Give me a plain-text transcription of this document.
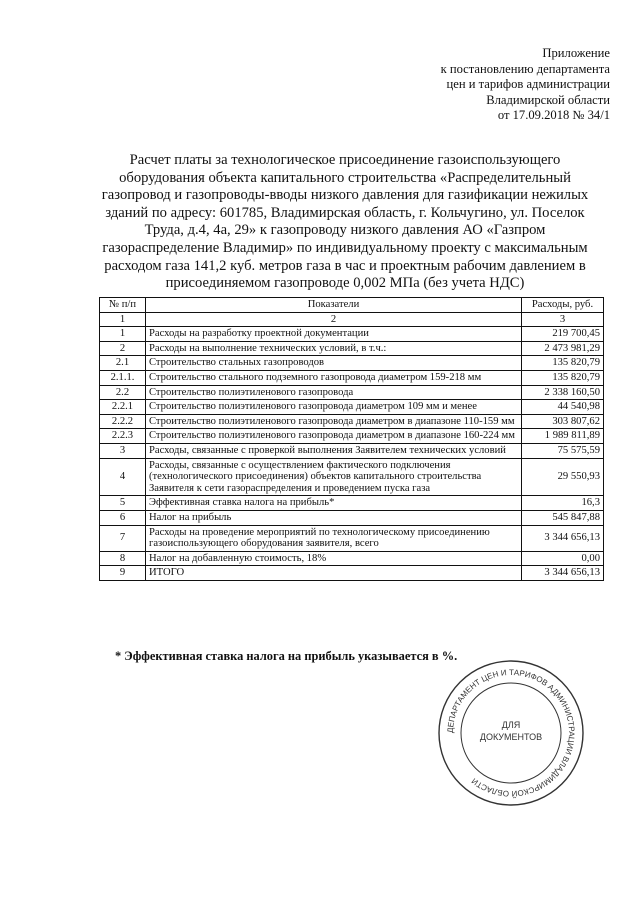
Приложение
к постановлению департамента
цен и тарифов администрации
Владимирской области
от 17.09.2018 № 34/1
Расчет платы за технологическое присоединение газоиспользующего
оборудования объекта капитального строительства «Распределительный
газопровод и газопроводы-вводы низкого давления для газификации нежилых
зданий по адресу: 601785, Владимирская область, г. Кольчугино, ул. Поселок
Труда, д.4, 4а, 29» к газопроводу низкого давления АО «Газпром
газораспределение Владимир» по индивидуальному проекту с максимальным
расходом газа 141,2 куб. метров газа в час и проектным рабочим давлением в
присоединяемом газопроводе 0,002 МПа (без учета НДС)
№ п/п	Показатели	Расходы, руб.
1	2	3
1	Расходы на разработку проектной документации	219 700,45
2	Расходы на выполнение технических условий, в т.ч.:	2 473 981,29
2.1	Строительство стальных газопроводов	135 820,79
2.1.1.	Строительство стального подземного газопровода диаметром 159-218 мм	135 820,79
2.2	Строительство полиэтиленового газопровода	2 338 160,50
2.2.1	Строительство полиэтиленового газопровода диаметром 109 мм и менее	44 540,98
2.2.2	Строительство полиэтиленового газопровода диаметром в диапазоне 110-159 мм	303 807,62
2.2.3	Строительство полиэтиленового газопровода диаметром в диапазоне 160-224 мм	1 989 811,89
3	Расходы, связанные с проверкой выполнения Заявителем технических условий	75 575,59
4	Расходы, связанные с осуществлением фактического подключения (технологического присоединения) объектов капитального строительства Заявителя к сети газораспределения и проведением пуска газа	29 550,93
5	Эффективная ставка налога на прибыль*	16,3
6	Налог на прибыль	545 847,88
7	Расходы на проведение мероприятий по технологическому присоединению газоиспользующего оборудования заявителя, всего	3 344 656,13
8	Налог на добавленную стоимость, 18%	0,00
9	ИТОГО	3 344 656,13
* Эффективная ставка налога на прибыль указывается в %.
ДЕПАРТАМЕНТ ЦЕН И ТАРИФОВ АДМИНИСТРАЦИИ ВЛАДИМИРСКОЙ ОБЛАСТИ
ДЛЯ
ДОКУМЕНТОВ
